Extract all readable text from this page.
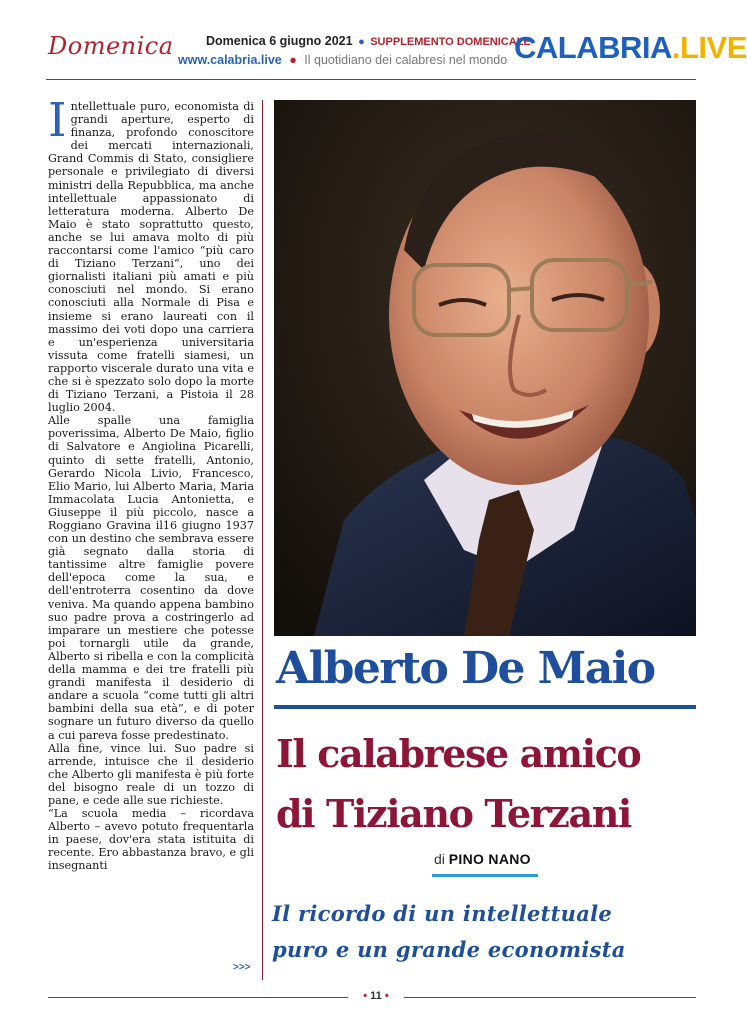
Domenica	Domenica 6 giugno 2021 ● SUPPLEMENTO DOMENICALE
www.calabria.live ● Il quotidiano dei calabresi nel mondo CALABRIA.LIVE

Intellettuale puro, economista di grandi aperture, esperto di finanza, profondo conoscitore dei mercati internazionali, Grand Commis di Stato, consigliere personale e privilegiato di diversi ministri della Repubblica, ma anche intellettuale appassionato di letteratura moderna. Alberto De Maio è stato soprattutto questo, anche se lui amava molto di più raccontarsi come l'amico “più caro di Tiziano Terzani”, uno dei giornalisti italiani più amati e più conosciuti nel mondo. Si erano conosciuti alla Normale di Pisa e insieme si erano laureati con il massimo dei voti dopo una carriera e un'esperienza universitaria vissuta come fratelli siamesi, un rapporto viscerale durato una vita e che si è spezzato solo dopo la morte di Tiziano Terzani, a Pistoia il 28 luglio 2004.

Alle spalle una famiglia poverissima, Alberto De Maio, figlio di Salvatore e Angiolina Picarelli, quinto di sette fratelli, Antonio, Gerardo Nicola Livio, Francesco, Elio Mario, lui Alberto Maria, Maria Immacolata Lucia Antonietta, e Giuseppe il più piccolo, nasce a Roggiano Gravina il16 giugno 1937 con un destino che sembrava essere già segnato dalla storia di tantissime altre famiglie povere dell'epoca come la sua, e dell'entroterra cosentino da dove veniva. Ma quando appena bambino suo padre prova a costringerlo ad imparare un mestiere che potesse poi tornargli utile da grande, Alberto si ribella e con la complicità della mamma e dei tre fratelli più grandi manifesta il desiderio di andare a scuola “come tutti gli altri bambini della sua età”, e di poter sognare un futuro diverso da quello a cui pareva fosse predestinato.

Alla fine, vince lui. Suo padre si arrende, intuisce che il desiderio che Alberto gli manifesta è più forte del bisogno reale di un tozzo di pane, e cede alle sue richieste.

“La scuola media – ricordava Alberto – avevo potuto frequentarla in paese, dov'era stata istituita di recente. Ero abbastanza bravo, e gli insegnanti

>>>
Alberto De Maio
Il calabrese amico
di Tiziano Terzani
di PINO NANO
Il ricordo di un intellettuale
puro e un grande economista
• 11 •
